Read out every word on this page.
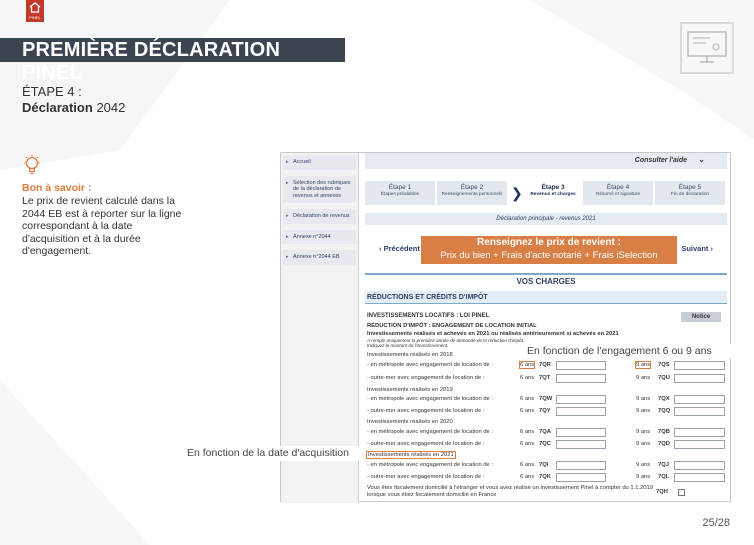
PINEL
PREMIÈRE DÉCLARATION PINEL
ÉTAPE 4 :
Déclaration 2042
Bon à savoir :
Le prix de revient calculé dans la 2044 EB est à reporter sur la ligne correspondant à la date d'acquisition et à la durée d'engagement.
▸ Accueil
▸ Sélection des rubriques de la déclaration de revenus et annexes
▸ Déclaration de revenus
▸ Annexe n°2044
▸ Annexe n°2044 EB
Consulter l'aide ⌄
Étape 1
Étapes préalables
Étape 2
Renseignements personnels ❯	Étape 3
Revenus et charges
Étape 4
Résumé et signature
Étape 5
Fin de déclaration
Déclaration principale - revenus 2021
‹ Précédent	Suivant ›
VOS CHARGES
RÉDUCTIONS ET CRÉDITS D'IMPÔT
INVESTISSEMENTS LOCATIFS : LOI PINEL	Notice
RÉDUCTION D'IMPÔT : ENGAGEMENT DE LOCATION INITIAL
Investissements réalisés et achevés en 2021 ou réalisés antérieurement si achevés en 2021
A remplir uniquement la première année de demande de la réduction d'impôt.
Indiquez le montant de l'investissement.
Investissements réalisés en 2018
- en métropole avec engagement de location de :	6 ans 7QR	9 ans 7QS
- outre-mer avec engagement de location de :	6 ans 7QT	9 ans 7QU
Investissements réalisés en 2019
- en métropole avec engagement de location de :	6 ans 7QW	9 ans 7QX
- outre-mer avec engagement de location de :	6 ans 7QY	9 ans 7QQ
Investissements réalisés en 2020
- en métropole avec engagement de location de :	6 ans 7QA	9 ans 7QB
- outre-mer avec engagement de location de :	6 ans 7QC	9 ans 7QD
Investissements réalisés en 2021
- en métropole avec engagement de location de :	6 ans 7QI	9 ans 7QJ
- outre-mer avec engagement de location de :	6 ans 7QK	9 ans 7QL
Vous êtes fiscalement domicilié à l'étranger et vous avez réalisé un investissement Pinel à compter du 1.1.2019 lorsque vous étiez fiscalement domicilié en France	7QH
Renseignez le prix de revient :
Prix du bien + Frais d'acte notarié + Frais iSelection
En fonction de l'engagement 6 ou 9 ans
En fonction de la date d'acquisition
25/28
